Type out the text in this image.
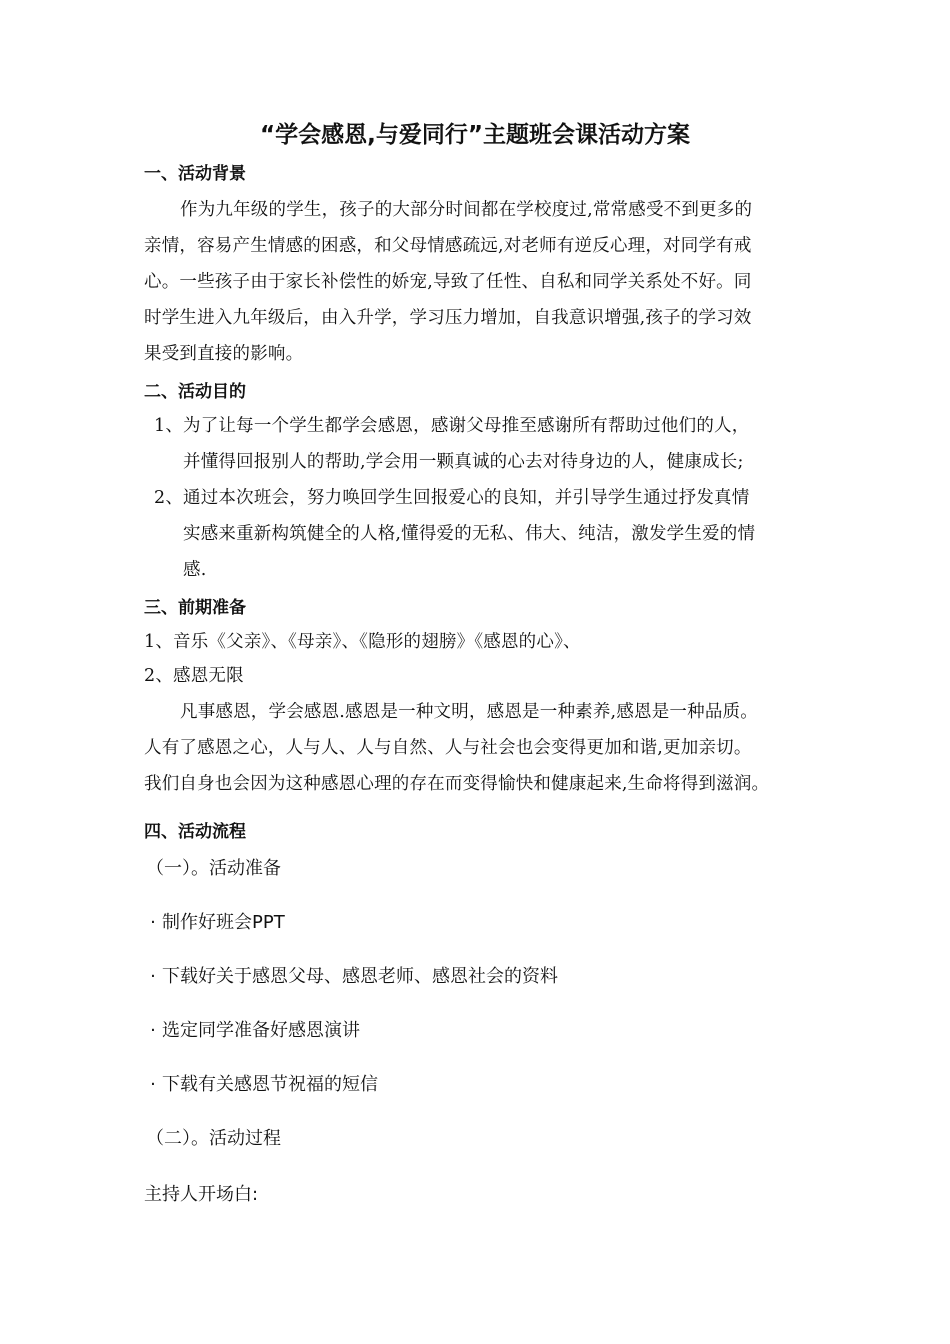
“学会感恩,与爱同行”主题班会课活动方案
一、活动背景
作为九年级的学生，孩子的大部分时间都在学校度过,常常感受不到更多的
亲情，容易产生情感的困惑，和父母情感疏远,对老师有逆反心理，对同学有戒
心。一些孩子由于家长补偿性的娇宠,导致了任性、自私和同学关系处不好。同
时学生进入九年级后，由入升学，学习压力增加，自我意识增强,孩子的学习效
果受到直接的影响。
二、活动目的
1、为了让每一个学生都学会感恩，感谢父母推至感谢所有帮助过他们的人，
并懂得回报别人的帮助,学会用一颗真诚的心去对待身边的人，健康成长;
2、通过本次班会，努力唤回学生回报爱心的良知，并引导学生通过抒发真情
实感来重新构筑健全的人格,懂得爱的无私、伟大、纯洁，激发学生爱的情
感.
三、前期准备
1、音乐《父亲》、《母亲》、《隐形的翅膀》《感恩的心》、
2、感恩无限
凡事感恩，学会感恩.感恩是一种文明，感恩是一种素养,感恩是一种品质。
人有了感恩之心，人与人、人与自然、人与社会也会变得更加和谐,更加亲切。
我们自身也会因为这种感恩心理的存在而变得愉快和健康起来,生命将得到滋润。
四、活动流程
（一）。活动准备
· 制作好班会PPT
· 下载好关于感恩父母、感恩老师、感恩社会的资料
· 选定同学准备好感恩演讲
· 下载有关感恩节祝福的短信
（二）。活动过程
主持人开场白:
